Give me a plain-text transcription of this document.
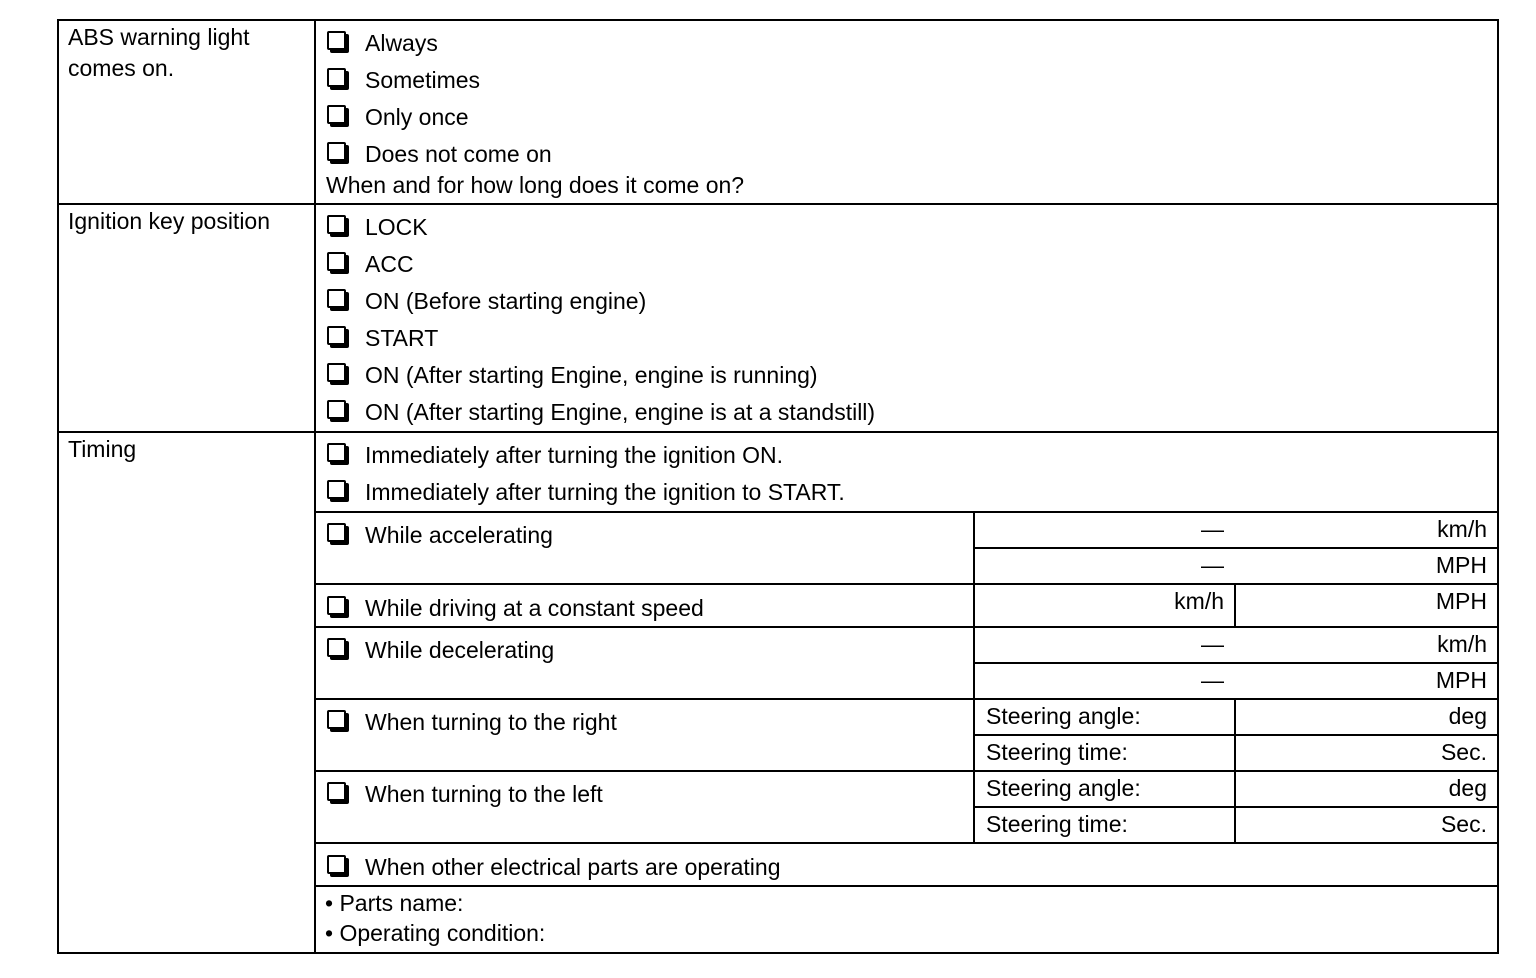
ABS warning light
comes on.
Always
Sometimes
Only once
Does not come on
When and for how long does it come on?
Ignition key position	LOCK
ACC
ON (Before starting engine)
START
ON (After starting Engine, engine is running)
ON (After starting Engine, engine is at a standstill)
Timing	Immediately after turning the ignition ON.
Immediately after turning the ignition to START.
While accelerating	—	km/h
—	MPH
While driving at a constant speed	km/h	MPH
While decelerating	—	km/h
—	MPH
When turning to the right	Steering angle:	deg
Steering time:	Sec.
When turning to the left	Steering angle:	deg
Steering time:	Sec.
When other electrical parts are operating
• Parts name:
• Operating condition:
